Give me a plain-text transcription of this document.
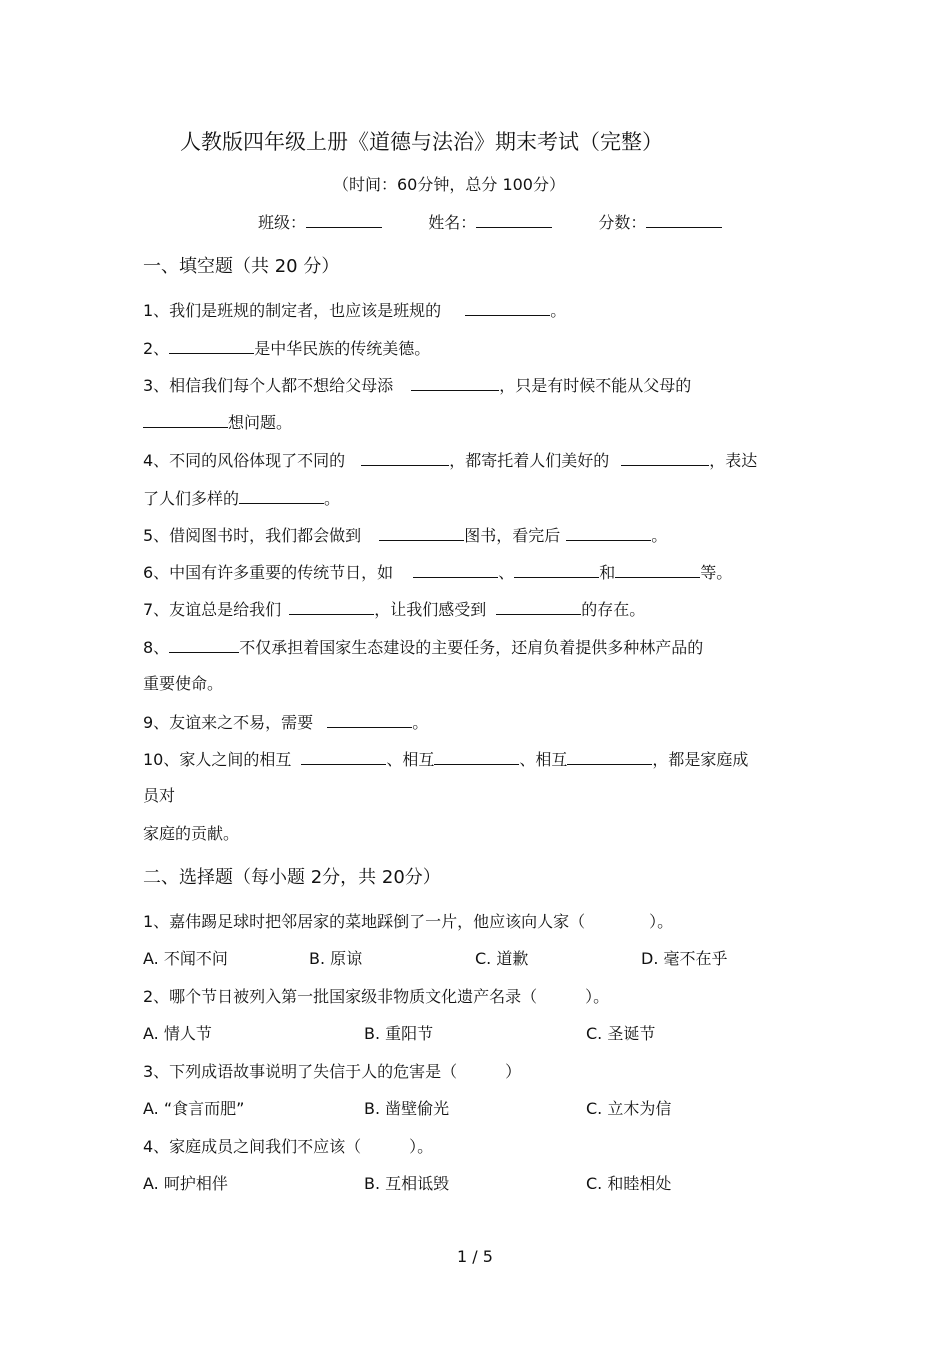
人教版四年级上册《道德与法治》期末考试（完整）
（时间：60分钟，总分 100分）
班级：	姓名：	分数：
一、填空题（共 20 分）
1、我们是班规的制定者，也应该是班规的	。
2、	是中华民族的传统美德。
3、相信我们每个人都不想给父母添	，只是有时候不能从父母的
想问题。
4、不同的风俗体现了不同的	，都寄托着人们美好的	，表达
了人们多样的	。
5、借阅图书时，我们都会做到	图书，看完后	。
6、中国有许多重要的传统节日，如	、	和	等。
7、友谊总是给我们	，让我们感受到	的存在。
8、	不仅承担着国家生态建设的主要任务，还肩负着提供多种林产品的
重要使命。
9、友谊来之不易，需要	。
10、家人之间的相互	、相互	、相互	，都是家庭成
员对
家庭的贡献。
二、选择题（每小题 2分，共 20分）
1、嘉伟踢足球时把邻居家的菜地踩倒了一片，他应该向人家（　　　　）。
A. 不闻不问	B. 原谅	C. 道歉	D. 毫不在乎
2、哪个节日被列入第一批国家级非物质文化遗产名录（　　　）。
A. 情人节	B. 重阳节	C. 圣诞节
3、下列成语故事说明了失信于人的危害是（　　　）
A. “食言而肥”	B. 凿壁偷光	C. 立木为信
4、家庭成员之间我们不应该（　　　）。
A. 呵护相伴	B. 互相诋毁	C. 和睦相处
1 / 5
